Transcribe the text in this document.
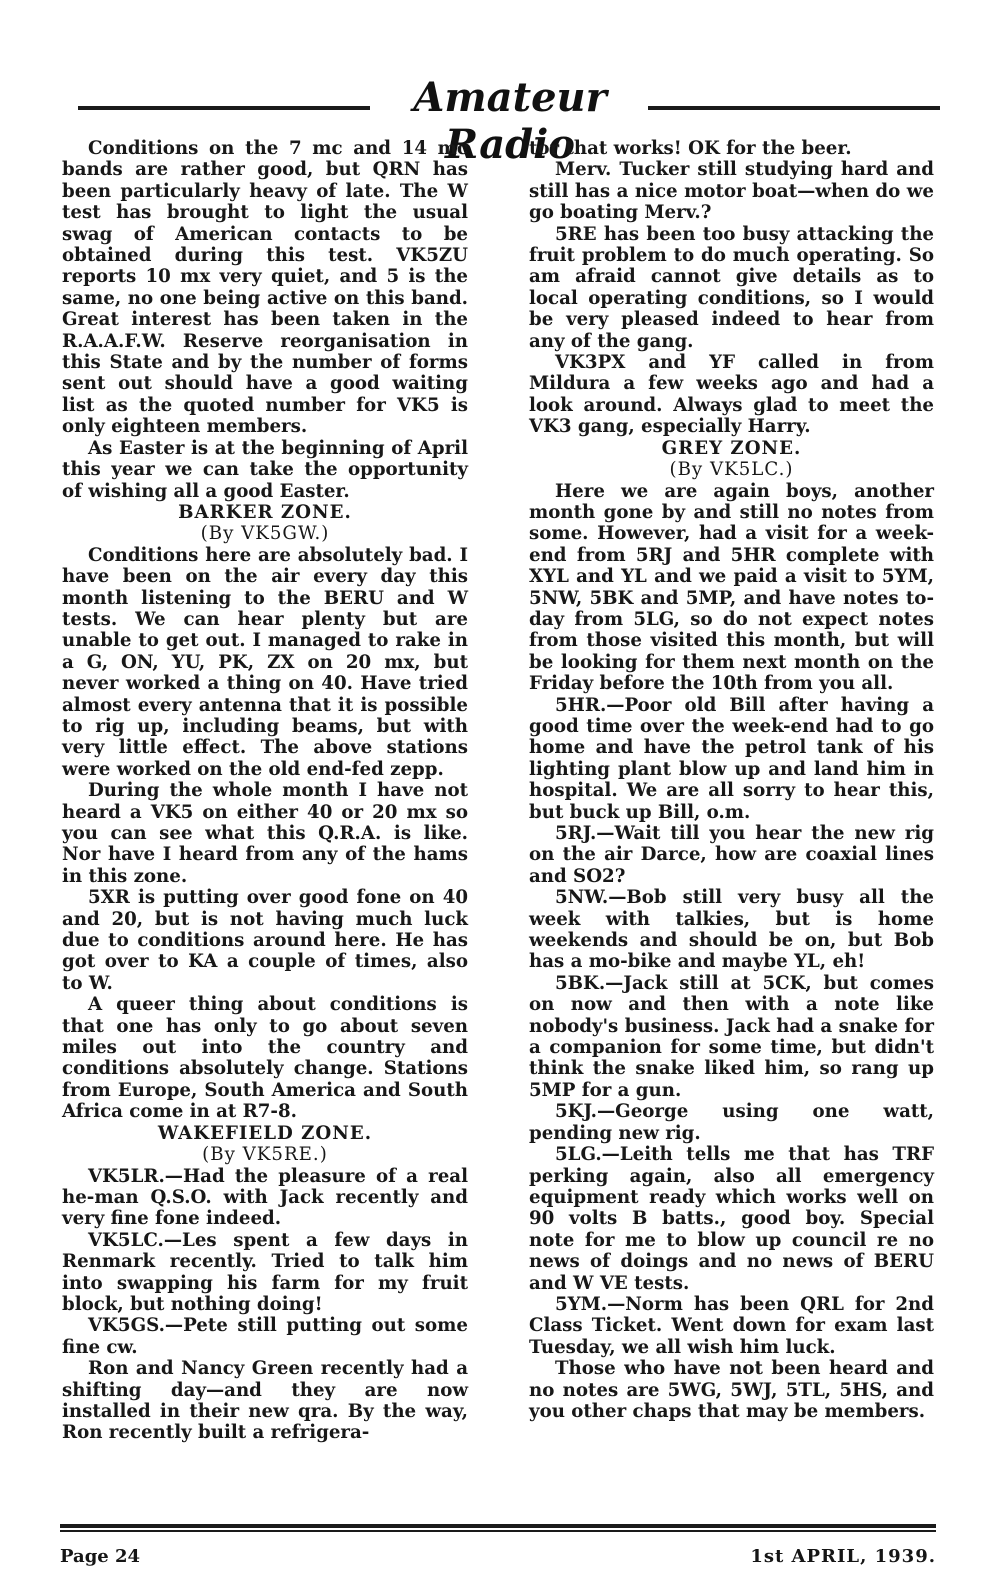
Amateur Radio

Conditions on the 7 mc and 14 mc bands are rather good, but QRN has been particularly heavy of late. The W test has brought to light the usual swag of American contacts to be obtained during this test. VK5ZU reports 10 mx very quiet, and 5 is the same, no one being active on this band. Great interest has been taken in the R.A.A.F.W. Reserve reorganisation in this State and by the number of forms sent out should have a good waiting list as the quoted number for VK5 is only eighteen members.

As Easter is at the beginning of April this year we can take the opportunity of wishing all a good Easter.

BARKER ZONE.

(By VK5GW.)

Conditions here are absolutely bad. I have been on the air every day this month listening to the BERU and W tests. We can hear plenty but are unable to get out. I managed to rake in a G, ON, YU, PK, ZX on 20 mx, but never worked a thing on 40. Have tried almost every antenna that it is possible to rig up, including beams, but with very little effect. The above stations were worked on the old end-fed zepp.

During the whole month I have not heard a VK5 on either 40 or 20 mx so you can see what this Q.R.A. is like. Nor have I heard from any of the hams in this zone.

5XR is putting over good fone on 40 and 20, but is not having much luck due to conditions around here. He has got over to KA a couple of times, also to W.

A queer thing about conditions is that one has only to go about seven miles out into the country and conditions absolutely change. Stations from Europe, South America and South Africa come in at R7-8.

WAKEFIELD ZONE.

(By VK5RE.)

VK5LR.—Had the pleasure of a real he-man Q.S.O. with Jack recently and very fine fone indeed.

VK5LC.—Les spent a few days in Renmark recently. Tried to talk him into swapping his farm for my fruit block, but nothing doing!

VK5GS.—Pete still putting out some fine cw.

Ron and Nancy Green recently had a shifting day—and they are now installed in their new qra. By the way, Ron recently built a refrigera-

tor that works! OK for the beer.

Merv. Tucker still studying hard and still has a nice motor boat—when do we go boating Merv.?

5RE has been too busy attacking the fruit problem to do much operating. So am afraid cannot give details as to local operating conditions, so I would be very pleased indeed to hear from any of the gang.

VK3PX and YF called in from Mildura a few weeks ago and had a look around. Always glad to meet the VK3 gang, especially Harry.

GREY ZONE.

(By VK5LC.)

Here we are again boys, another month gone by and still no notes from some. However, had a visit for a week-end from 5RJ and 5HR complete with XYL and YL and we paid a visit to 5YM, 5NW, 5BK and 5MP, and have notes to-day from 5LG, so do not expect notes from those visited this month, but will be looking for them next month on the Friday before the 10th from you all.

5HR.—Poor old Bill after having a good time over the week-end had to go home and have the petrol tank of his lighting plant blow up and land him in hospital. We are all sorry to hear this, but buck up Bill, o.m.

5RJ.—Wait till you hear the new rig on the air Darce, how are coaxial lines and SO2?

5NW.—Bob still very busy all the week with talkies, but is home weekends and should be on, but Bob has a mo-bike and maybe YL, eh!

5BK.—Jack still at 5CK, but comes on now and then with a note like nobody's business. Jack had a snake for a companion for some time, but didn't think the snake liked him, so rang up 5MP for a gun.

5KJ.—George using one watt, pending new rig.

5LG.—Leith tells me that has TRF perking again, also all emergency equipment ready which works well on 90 volts B batts., good boy. Special note for me to blow up council re no news of doings and no news of BERU and W VE tests.

5YM.—Norm has been QRL for 2nd Class Ticket. Went down for exam last Tuesday, we all wish him luck.

Those who have not been heard and no notes are 5WG, 5WJ, 5TL, 5HS, and you other chaps that may be members.

Page 24	1st APRIL, 1939.
